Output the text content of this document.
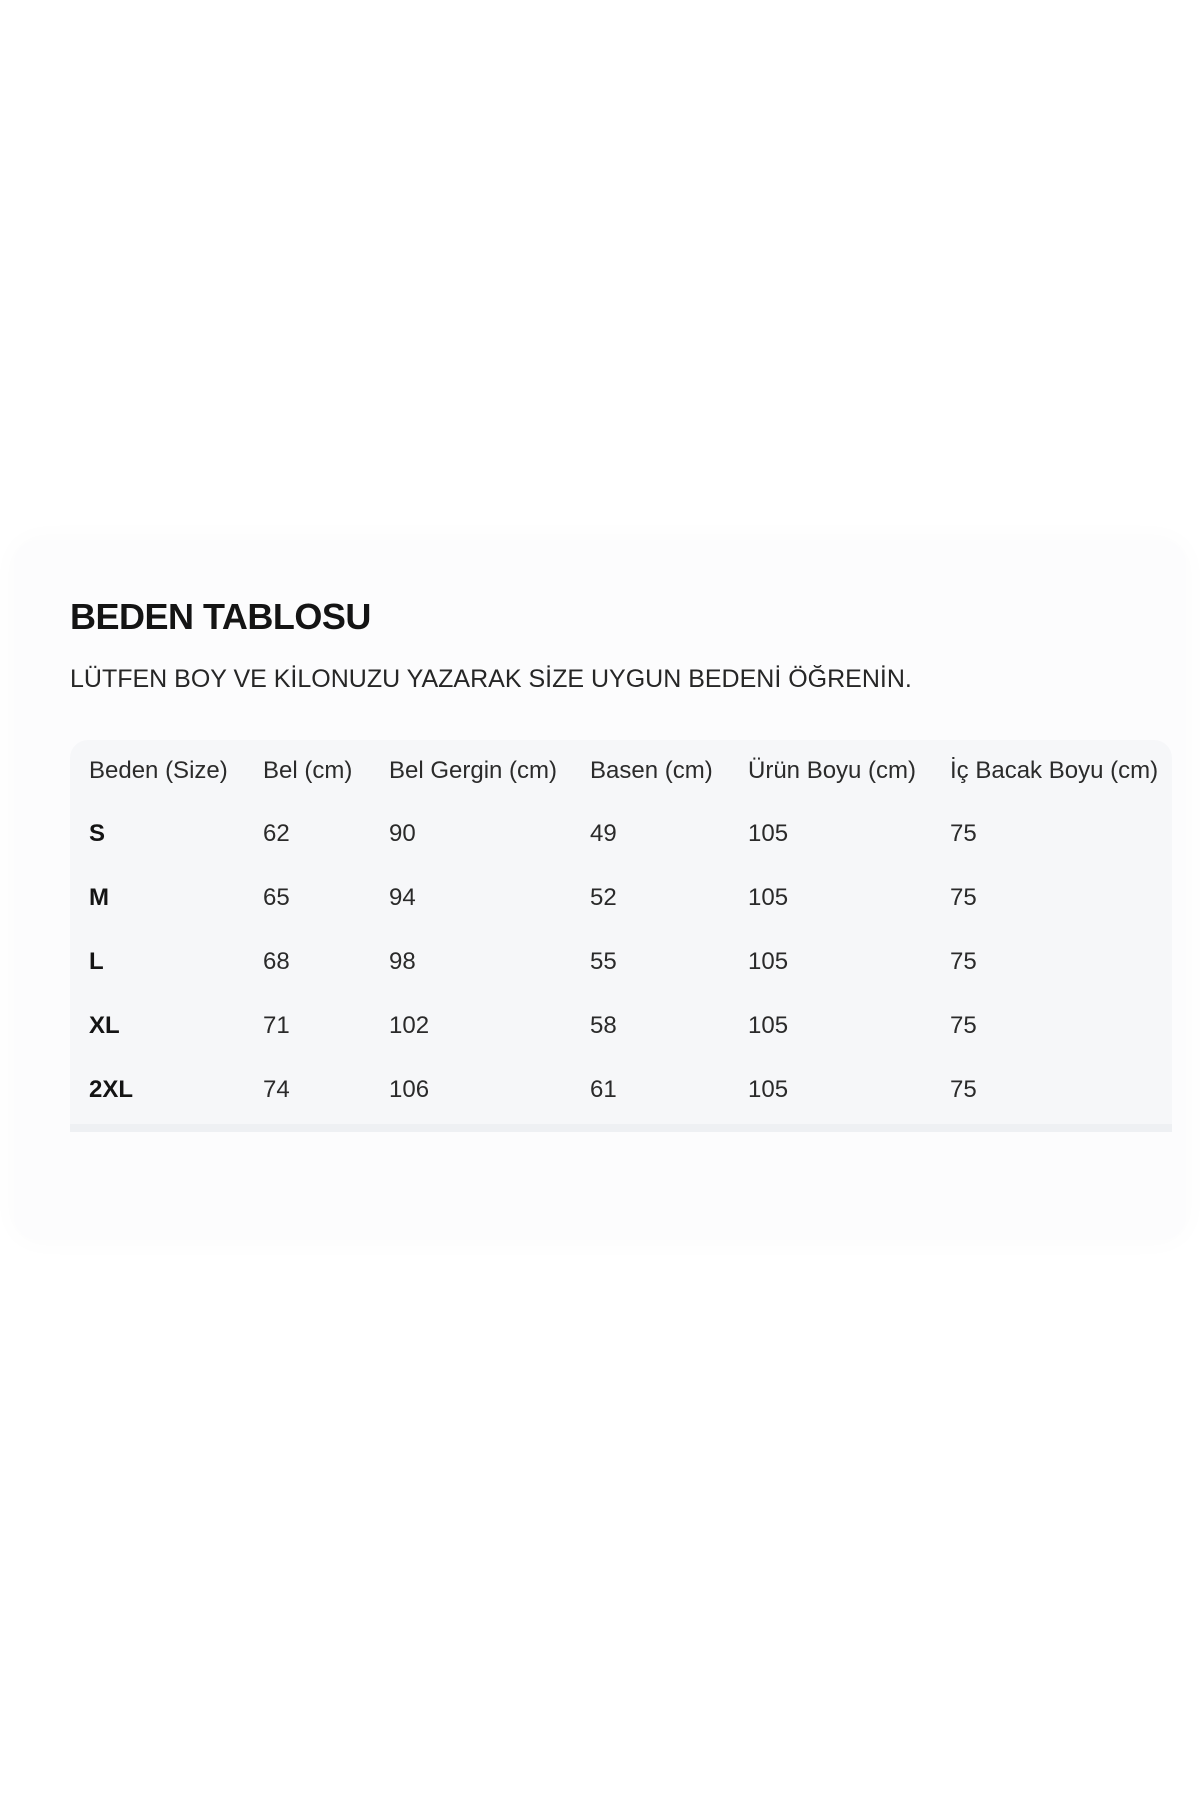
BEDEN TABLOSU

LÜTFEN BOY VE KİLONUZU YAZARAK SİZE UYGUN BEDENİ ÖĞRENİN.

Beden (Size)	Bel (cm)	Bel Gergin (cm)	Basen (cm)	Ürün Boyu (cm)	İç Bacak Boyu (cm)
S	62	90	49	105	75
M	65	94	52	105	75
L	68	98	55	105	75
XL	71	102	58	105	75
2XL	74	106	61	105	75
